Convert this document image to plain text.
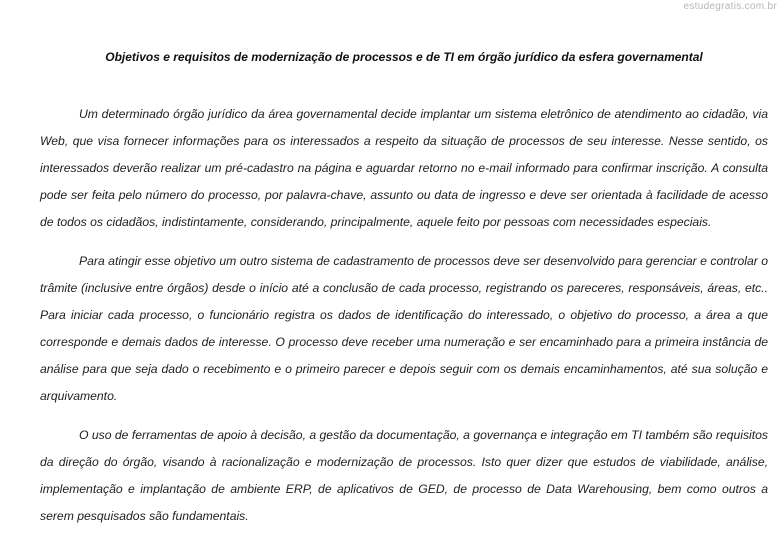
estudegratis.com.br
Objetivos e requisitos de modernização de processos e de TI em órgão jurídico da esfera governamental

Um determinado órgão jurídico da área governamental decide implantar um sistema eletrônico de atendimento ao cidadão, via Web, que visa fornecer informações para os interessados a respeito da situação de processos de seu interesse. Nesse sentido, os interessados deverão realizar um pré-cadastro na página e aguardar retorno no e-mail informado para confirmar inscrição. A consulta pode ser feita pelo número do processo, por palavra-chave, assunto ou data de ingresso e deve ser orientada à facilidade de acesso de todos os cidadãos, indistintamente, considerando, principalmente, aquele feito por pessoas com necessidades especiais.

Para atingir esse objetivo um outro sistema de cadastramento de processos deve ser desenvolvido para gerenciar e controlar o trâmite (inclusive entre órgãos) desde o início até a conclusão de cada processo, registrando os pareceres, responsáveis, áreas, etc.. Para iniciar cada processo, o funcionário registra os dados de identificação do interessado, o objetivo do processo, a área a que corresponde e demais dados de interesse. O processo deve receber uma numeração e ser encaminhado para a primeira instância de análise para que seja dado o recebimento e o primeiro parecer e depois seguir com os demais encaminhamentos, até sua solução e arquivamento.

O uso de ferramentas de apoio à decisão, a gestão da documentação, a governança e integração em TI também são requisitos da direção do órgão, visando à racionalização e modernização de processos. Isto quer dizer que estudos de viabilidade, análise, implementação e implantação de ambiente ERP, de aplicativos de GED, de processo de Data Warehousing, bem como outros a serem pesquisados são fundamentais.
